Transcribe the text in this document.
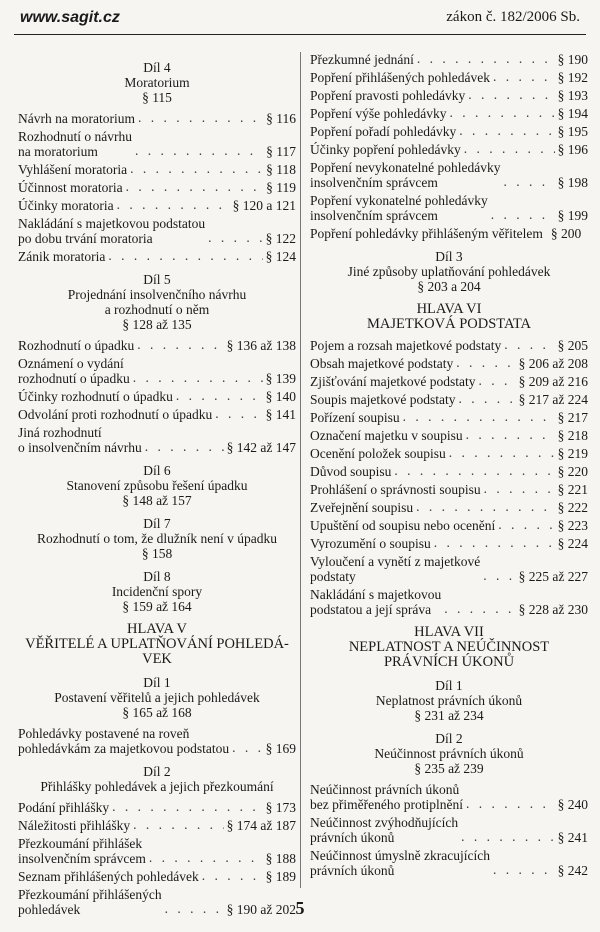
www.sagit.cz	zákon č. 182/2006 Sb.
Díl 4
Moratorium
§ 115
Návrh na moratorium . . .	§ 116
Rozhodnutí o návrhu
na moratorium . . .	§ 117
Vyhlášení moratoria . . .	§ 118
Účinnost moratoria . . .	§ 119
Účinky moratoria . . .	§ 120 a 121
Nakládání s majetkovou podstatou
po dobu trvání moratoria . . .	§ 122
Zánik moratoria . . .	§ 124
Díl 5
Projednání insolvenčního návrhu
a rozhodnutí o něm
§ 128 až 135
Rozhodnutí o úpadku . . .	§ 136 až 138
Oznámení o vydání
rozhodnutí o úpadku . . .	§ 139
Účinky rozhodnutí o úpadku . . .	§ 140
Odvolání proti rozhodnutí o úpadku . . .	§ 141
Jiná rozhodnutí
o insolvenčním návrhu . . .	§ 142 až 147
Díl 6
Stanovení způsobu řešení úpadku
§ 148 až 157
Díl 7
Rozhodnutí o tom, že dlužník není v úpadku
§ 158
Díl 8
Incidenční spory
§ 159 až 164
HLAVA V
VĚŘITELÉ A UPLATŇOVÁNÍ POHLEDÁ-
VEK
Díl 1
Postavení věřitelů a jejich pohledávek
§ 165 až 168
Pohledávky postavené na roveň
pohledávkám za majetkovou podstatou . . .	§ 169
Díl 2
Přihlášky pohledávek a jejich přezkoumání
Podání přihlášky . . .	§ 173
Náležitosti přihlášky . . .	§ 174 až 187
Přezkoumání přihlášek
insolvenčním správcem . . .	§ 188
Seznam přihlášených pohledávek . . .	§ 189
Přezkoumání přihlášených
pohledávek . . .	§ 190 až 202
Přezkumné jednání . . .	§ 190
Popření přihlášených pohledávek . . .	§ 192
Popření pravosti pohledávky . . .	§ 193
Popření výše pohledávky . . .	§ 194
Popření pořadí pohledávky . . .	§ 195
Účinky popření pohledávky . . .	§ 196
Popření nevykonatelné pohledávky
insolvenčním správcem . . .	§ 198
Popření vykonatelné pohledávky
insolvenčním správcem . . .	§ 199
Popření pohledávky přihlášeným věřitelem § 200
Díl 3
Jiné způsoby uplatňování pohledávek
§ 203 a 204
HLAVA VI
MAJETKOVÁ PODSTATA
Pojem a rozsah majetkové podstaty . . .	§ 205
Obsah majetkové podstaty . . .	§ 206 až 208
Zjišťování majetkové podstaty . . .	§ 209 až 216
Soupis majetkové podstaty . . .	§ 217 až 224
Pořízení soupisu . . .	§ 217
Označení majetku v soupisu . . .	§ 218
Ocenění položek soupisu . . .	§ 219
Důvod soupisu . . .	§ 220
Prohlášení o správnosti soupisu . . .	§ 221
Zveřejnění soupisu . . .	§ 222
Upuštění od soupisu nebo ocenění . . .	§ 223
Vyrozumění o soupisu . . .	§ 224
Vyloučení a vynětí z majetkové
podstaty . . .	§ 225 až 227
Nakládání s majetkovou
podstatou a její správa . . .	§ 228 až 230
HLAVA VII
NEPLATNOST A NEÚČINNOST
PRÁVNÍCH ÚKONŮ
Díl 1
Neplatnost právních úkonů
§ 231 až 234
Díl 2
Neúčinnost právních úkonů
§ 235 až 239
Neúčinnost právních úkonů
bez přiměřeného protiplnění . . .	§ 240
Neúčinnost zvýhodňujících
právních úkonů . . .	§ 241
Neúčinnost úmyslně zkracujících
právních úkonů . . .	§ 242
5
